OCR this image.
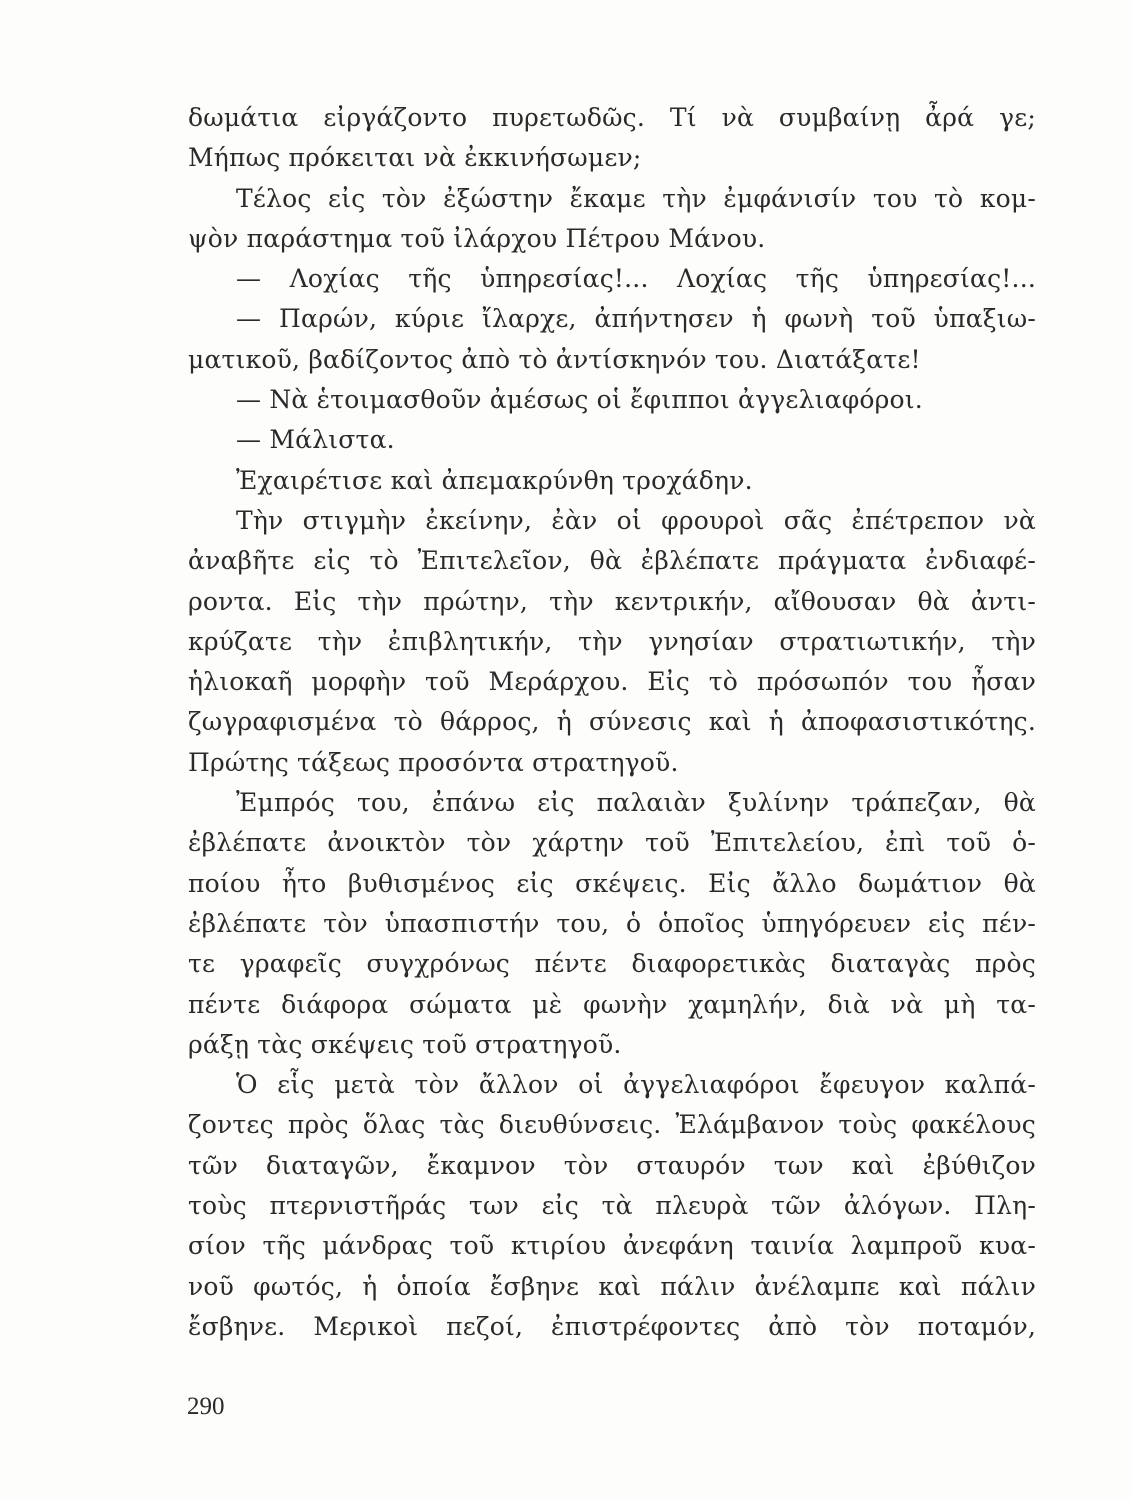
δωμάτια εἰργάζοντο πυρετωδῶς. Τί νὰ συμβαίνῃ ἆρά γε;
Μήπως πρόκειται νὰ ἐκκινήσωμεν;
Τέλος εἰς τὸν ἐξώστην ἔκαμε τὴν ἐμφάνισίν του τὸ κομ-
ψὸν παράστημα τοῦ ἰλάρχου Πέτρου Μάνου.
— Λοχίας τῆς ὑπηρεσίας!... Λοχίας τῆς ὑπηρεσίας!...
— Παρών, κύριε ἴλαρχε, ἀπήντησεν ἡ φωνὴ τοῦ ὑπαξιω-
ματικοῦ, βαδίζοντος ἀπὸ τὸ ἀντίσκηνόν του. Διατάξατε!
— Νὰ ἑτοιμασθοῦν ἀμέσως οἱ ἔφιπποι ἀγγελιαφόροι.
— Μάλιστα.
Ἐχαιρέτισε καὶ ἀπεμακρύνθη τροχάδην.
Τὴν στιγμὴν ἐκείνην, ἐὰν οἱ φρουροὶ σᾶς ἐπέτρεπον νὰ
ἀναβῆτε εἰς τὸ Ἐπιτελεῖον, θὰ ἐβλέπατε πράγματα ἐνδιαφέ-
ροντα. Εἰς τὴν πρώτην, τὴν κεντρικήν, αἴθουσαν θὰ ἀντι-
κρύζατε τὴν ἐπιβλητικήν, τὴν γνησίαν στρατιωτικήν, τὴν
ἡλιοκαῆ μορφὴν τοῦ Μεράρχου. Εἰς τὸ πρόσωπόν του ἦσαν
ζωγραφισμένα τὸ θάρρος, ἡ σύνεσις καὶ ἡ ἀποφασιστικότης.
Πρώτης τάξεως προσόντα στρατηγοῦ.
Ἐμπρός του, ἐπάνω εἰς παλαιὰν ξυλίνην τράπεζαν, θὰ
ἐβλέπατε ἀνοικτὸν τὸν χάρτην τοῦ Ἐπιτελείου, ἐπὶ τοῦ ὁ-
ποίου ἦτο βυθισμένος εἰς σκέψεις. Εἰς ἄλλο δωμάτιον θὰ
ἐβλέπατε τὸν ὑπασπιστήν του, ὁ ὁποῖος ὑπηγόρευεν εἰς πέν-
τε γραφεῖς συγχρόνως πέντε διαφορετικὰς διαταγὰς πρὸς
πέντε διάφορα σώματα μὲ φωνὴν χαμηλήν, διὰ νὰ μὴ τα-
ράξῃ τὰς σκέψεις τοῦ στρατηγοῦ.
Ὁ εἷς μετὰ τὸν ἄλλον οἱ ἀγγελιαφόροι ἔφευγον καλπά-
ζοντες πρὸς ὅλας τὰς διευθύνσεις. Ἐλάμβανον τοὺς φακέλους
τῶν διαταγῶν, ἔκαμνον τὸν σταυρόν των καὶ ἐβύθιζον
τοὺς πτερνιστῆράς των εἰς τὰ πλευρὰ τῶν ἀλόγων. Πλη-
σίον τῆς μάνδρας τοῦ κτιρίου ἀνεφάνη ταινία λαμπροῦ κυα-
νοῦ φωτός, ἡ ὁποία ἔσβηνε καὶ πάλιν ἀνέλαμπε καὶ πάλιν
ἔσβηνε. Μερικοὶ πεζοί, ἐπιστρέφοντες ἀπὸ τὸν ποταμόν,
290
